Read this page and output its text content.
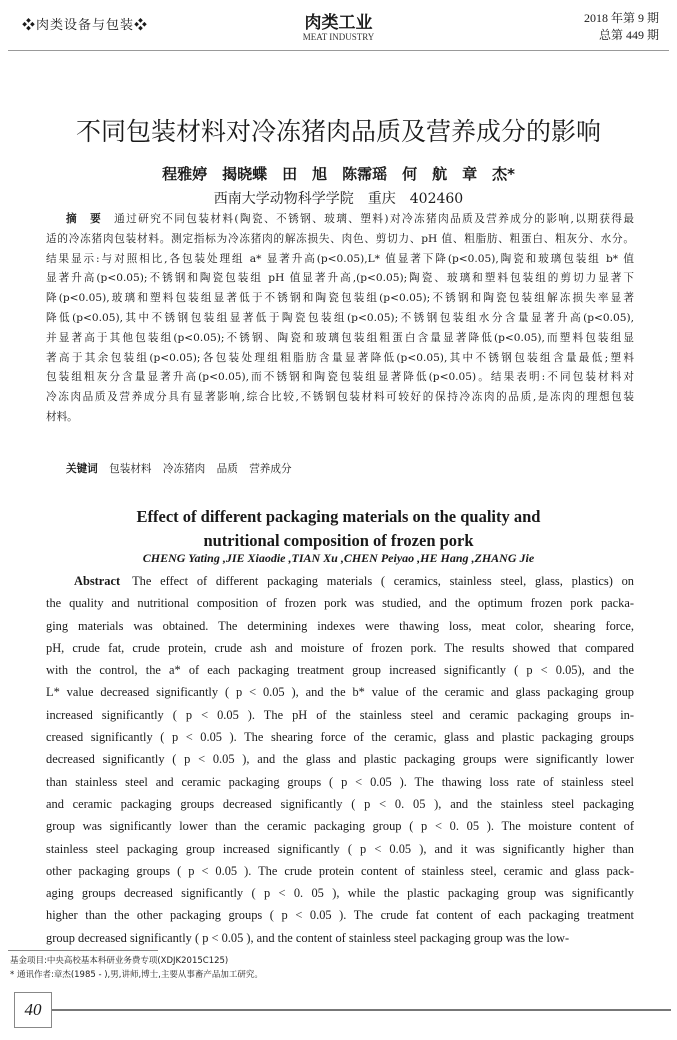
❖肉类设备与包装❖	肉类工业
MEAT INDUSTRY
2018 年第 9 期
总第 449 期
不同包装材料对冷冻猪肉品质及营养成分的影响
程雅婷　揭晓蝶　田　旭　陈霈瑶　何　航　章　杰*
西南大学动物科学学院　重庆　402460
摘　要 通过研究不同包装材料(陶瓷、不锈钢、玻璃、塑料)对冷冻猪肉品质及营养成分的影响,以期获得最
适的冷冻猪肉包装材料。测定指标为冷冻猪肉的解冻损失、肉色、剪切力、pH 值、粗脂肪、粗蛋白、粗灰分、水分。
结果显示:与对照相比,各包装处理组 a* 显著升高(p<0.05),L* 值显著下降(p<0.05),陶瓷和玻璃包装组 b* 值
显著升高(p<0.05);不锈钢和陶瓷包装组 pH 值显著升高,(p<0.05);陶瓷、玻璃和塑料包装组的剪切力显著下
降(p<0.05),玻璃和塑料包装组显著低于不锈钢和陶瓷包装组(p<0.05);不锈钢和陶瓷包装组解冻损失率显著
降低(p<0.05),其中不锈钢包装组显著低于陶瓷包装组(p<0.05);不锈钢包装组水分含量显著升高(p<0.05),
并显著高于其他包装组(p<0.05);不锈钢、陶瓷和玻璃包装组粗蛋白含量显著降低(p<0.05),而塑料包装组显
著高于其余包装组(p<0.05);各包装处理组粗脂肪含量显著降低(p<0.05),其中不锈钢包装组含量最低;塑料
包装组粗灰分含量显著升高(p<0.05),而不锈钢和陶瓷包装组显著降低(p<0.05)。结果表明:不同包装材料对
冷冻肉品质及营养成分具有显著影响,综合比较,不锈钢包装材料可较好的保持冷冻肉的品质,是冻肉的理想包装
材料。
关键词 包装材料 冷冻猪肉 品质 营养成分
Effect of different packaging materials on the quality and
nutritional composition of frozen pork
CHENG Yating ,JIE Xiaodie ,TIAN Xu ,CHEN Peiyao ,HE Hang ,ZHANG Jie
Abstract The effect of different packaging materials ( ceramics, stainless steel, glass, plastics) on
the quality and nutritional composition of frozen pork was studied, and the optimum frozen pork packa-
ging materials was obtained. The determining indexes were thawing loss, meat color, shearing force,
pH, crude fat, crude protein, crude ash and moisture of frozen pork. The results showed that compared
with the control, the a* of each packaging treatment group increased significantly ( p < 0.05), and the
L* value decreased significantly ( p < 0.05 ), and the b* value of the ceramic and glass packaging group
increased significantly ( p < 0.05 ). The pH of the stainless steel and ceramic packaging groups in-
creased significantly ( p < 0.05 ). The shearing force of the ceramic, glass and plastic packaging groups
decreased significantly ( p < 0.05 ), and the glass and plastic packaging groups were significantly lower
than stainless steel and ceramic packaging groups ( p < 0.05 ). The thawing loss rate of stainless steel
and ceramic packaging groups decreased significantly ( p < 0. 05 ), and the stainless steel packaging
group was significantly lower than the ceramic packaging group ( p < 0. 05 ). The moisture content of
stainless steel packaging group increased significantly ( p < 0.05 ), and it was significantly higher than
other packaging groups ( p < 0.05 ). The crude protein content of stainless steel, ceramic and glass pack-
aging groups decreased significantly ( p < 0. 05 ), while the plastic packaging group was significantly
higher than the other packaging groups ( p < 0.05 ). The crude fat content of each packaging treatment
group decreased significantly ( p < 0.05 ), and the content of stainless steel packaging group was the low-
基金项目:中央高校基本科研业务费专项(XDJK2015C125)
* 通讯作者:章杰(1985 - ),男,讲师,博士,主要从事畜产品加工研究。
40
